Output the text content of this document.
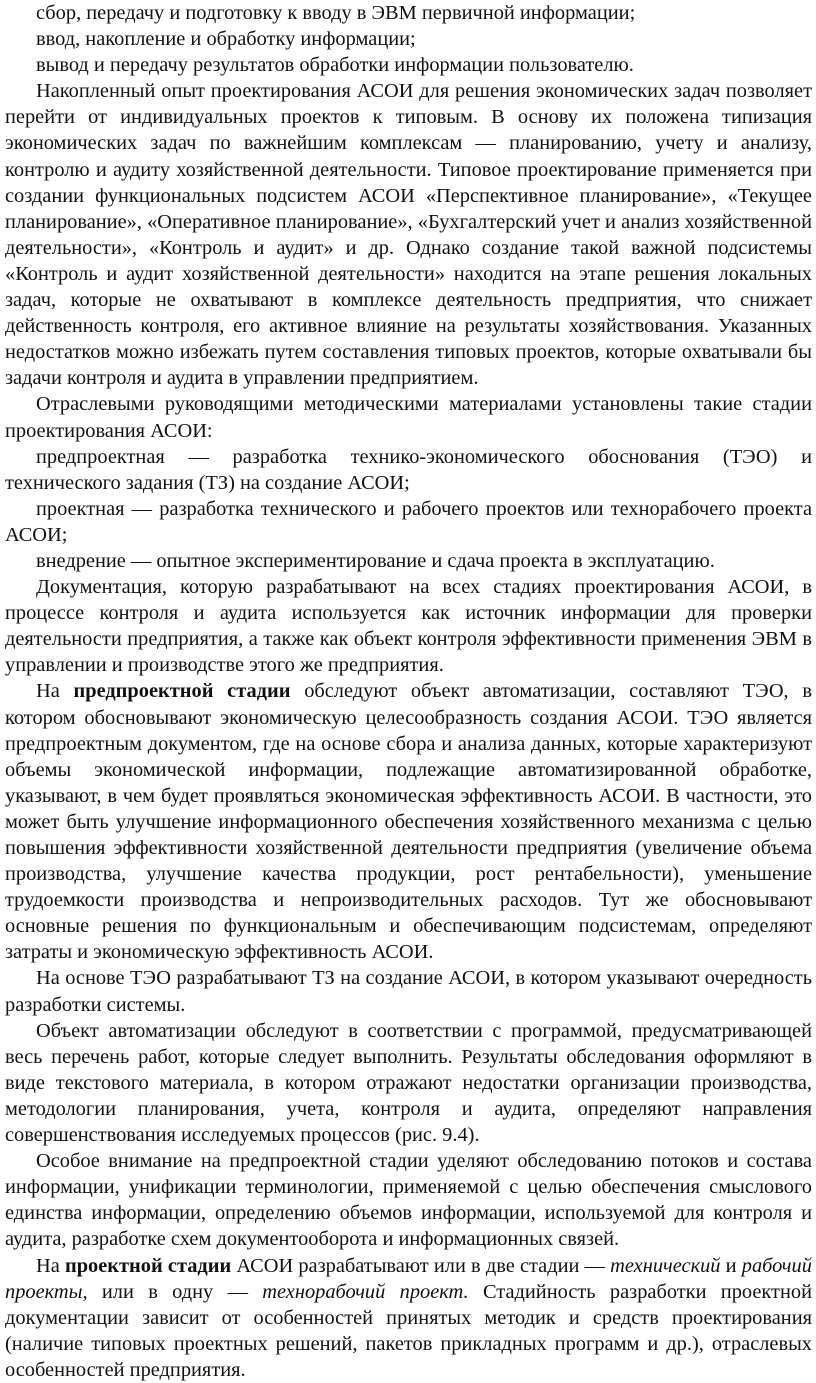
сбор, передачу и подготовку к вводу в ЭВМ первичной информации;

ввод, накопление и обработку информации;

вывод и передачу результатов обработки информации пользователю.

Накопленный опыт проектирования АСОИ для решения экономических задач позволяет перейти от индивидуальных проектов к типовым. В основу их положена типизация экономических задач по важнейшим комплексам — планированию, учету и анализу, контролю и аудиту хозяйственной деятельности. Типовое проектирование применяется при создании функциональных подсистем АСОИ «Перспективное планирование», «Текущее планирование», «Оперативное планирование», «Бухгалтерский учет и анализ хозяйственной деятельности», «Контроль и аудит» и др. Однако создание такой важной подсистемы «Контроль и аудит хозяйственной деятельности» находится на этапе решения локальных задач, которые не охватывают в комплексе деятельность предприятия, что снижает действенность контроля, его активное влияние на результаты хозяйствования. Указанных недостатков можно избежать путем составления типовых проектов, которые охватывали бы задачи контроля и аудита в управлении предприятием.

Отраслевыми руководящими методическими материалами установлены такие стадии проектирования АСОИ:

предпроектная — разработка технико-экономического обоснования (ТЭО) и технического задания (ТЗ) на создание АСОИ;

проектная — разработка технического и рабочего проектов или технорабочего проекта АСОИ;

внедрение — опытное экспериментирование и сдача проекта в эксплуатацию.

Документация, которую разрабатывают на всех стадиях проектирования АСОИ, в процессе контроля и аудита используется как источник информации для проверки деятельности предприятия, а также как объект контроля эффективности применения ЭВМ в управлении и производстве этого же предприятия.

На предпроектной стадии обследуют объект автоматизации, составляют ТЭО, в котором обосновывают экономическую целесообразность создания АСОИ. ТЭО является предпроектным документом, где на основе сбора и анализа данных, которые характеризуют объемы экономической информации, подлежащие автоматизированной обработке, указывают, в чем будет проявляться экономическая эффективность АСОИ. В частности, это может быть улучшение информационного обеспечения хозяйственного механизма с целью повышения эффективности хозяйственной деятельности предприятия (увеличение объема производства, улучшение качества продукции, рост рентабельности), уменьшение трудоемкости производства и непроизводительных расходов. Тут же обосновывают основные решения по функциональным и обеспечивающим подсистемам, определяют затраты и экономическую эффективность АСОИ.

На основе ТЭО разрабатывают ТЗ на создание АСОИ, в котором указывают очередность разработки системы.

Объект автоматизации обследуют в соответствии с программой, предусматривающей весь перечень работ, которые следует выполнить. Результаты обследования оформляют в виде текстового материала, в котором отражают недостатки организации производства, методологии планирования, учета, контроля и аудита, определяют направления совершенствования исследуемых процессов (рис. 9.4).

Особое внимание на предпроектной стадии уделяют обследованию потоков и состава информации, унификации терминологии, применяемой с целью обеспечения смыслового единства информации, определению объемов информации, используемой для контроля и аудита, разработке схем документооборота и информационных связей.

На проектной стадии АСОИ разрабатывают или в две стадии — технический и рабочий проекты, или в одну — технорабочий проект. Стадийность разработки проектной документации зависит от особенностей принятых методик и средств проектирования (наличие типовых проектных решений, пакетов прикладных программ и др.), отраслевых особенностей предприятия.
